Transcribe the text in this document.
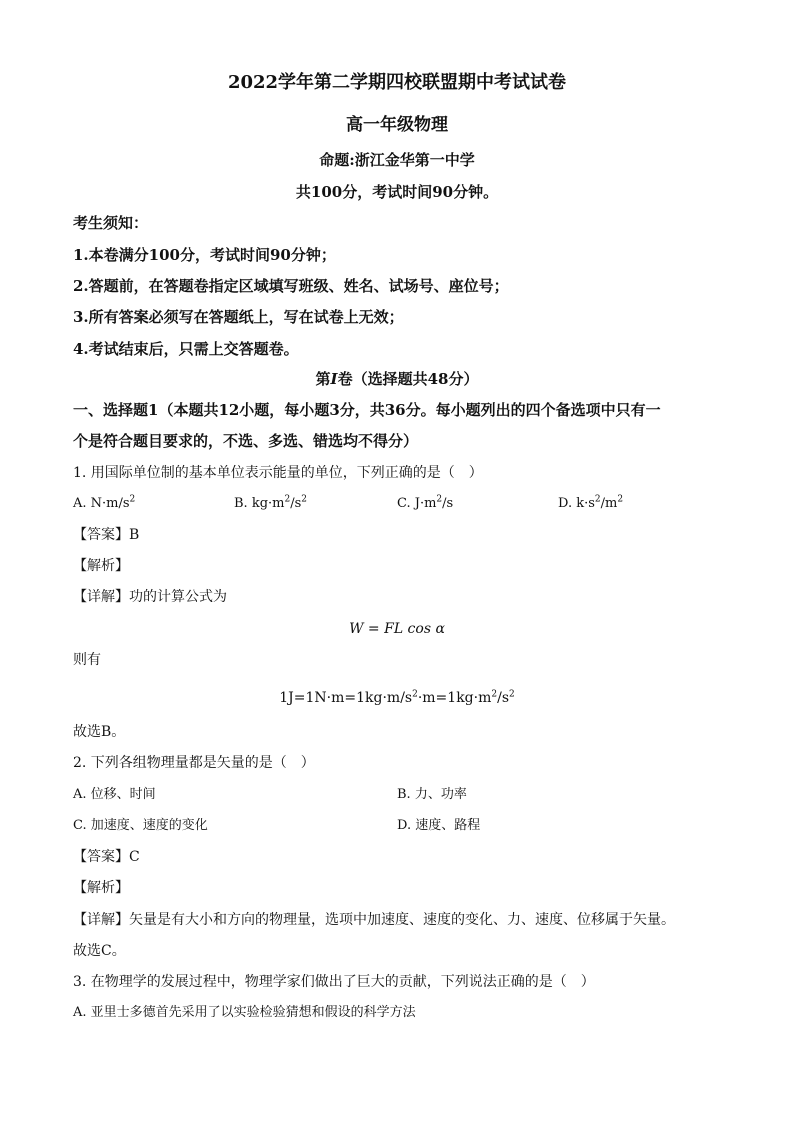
2022学年第二学期四校联盟期中考试试卷
高一年级物理
命题:浙江金华第一中学
共100分，考试时间90分钟。
考生须知：
1.本卷满分100分，考试时间90分钟；
2.答题前，在答题卷指定区域填写班级、姓名、试场号、座位号；
3.所有答案必须写在答题纸上，写在试卷上无效；
4.考试结束后，只需上交答题卷。
第I卷（选择题共48分）
一、选择题1（本题共12小题，每小题3分，共36分。每小题列出的四个备选项中只有一
个是符合题目要求的，不选、多选、错选均不得分）
1. 用国际单位制的基本单位表示能量的单位，下列正确的是（　）
A. $N\cdot m/s^2$	B. $kg\cdot m^2/s^2$	C. $J\cdot m^2/s$	D. $k\cdot s^2/m^2$
【答案】B
【解析】
【详解】功的计算公式为
W = FL cos α
则有
$1J=1N\cdot m=1kg\cdot m/s^2\cdot m=1kg\cdot m^2/s^2$
故选B。
2. 下列各组物理量都是矢量的是（　）
A. 位移、时间	B. 力、功率
C. 加速度、速度的变化	D. 速度、路程
【答案】C
【解析】
【详解】矢量是有大小和方向的物理量，选项中加速度、速度的变化、力、速度、位移属于矢量。
故选C。
3. 在物理学的发展过程中，物理学家们做出了巨大的贡献，下列说法正确的是（　）
A. 亚里士多德首先采用了以实验检验猜想和假设的科学方法
